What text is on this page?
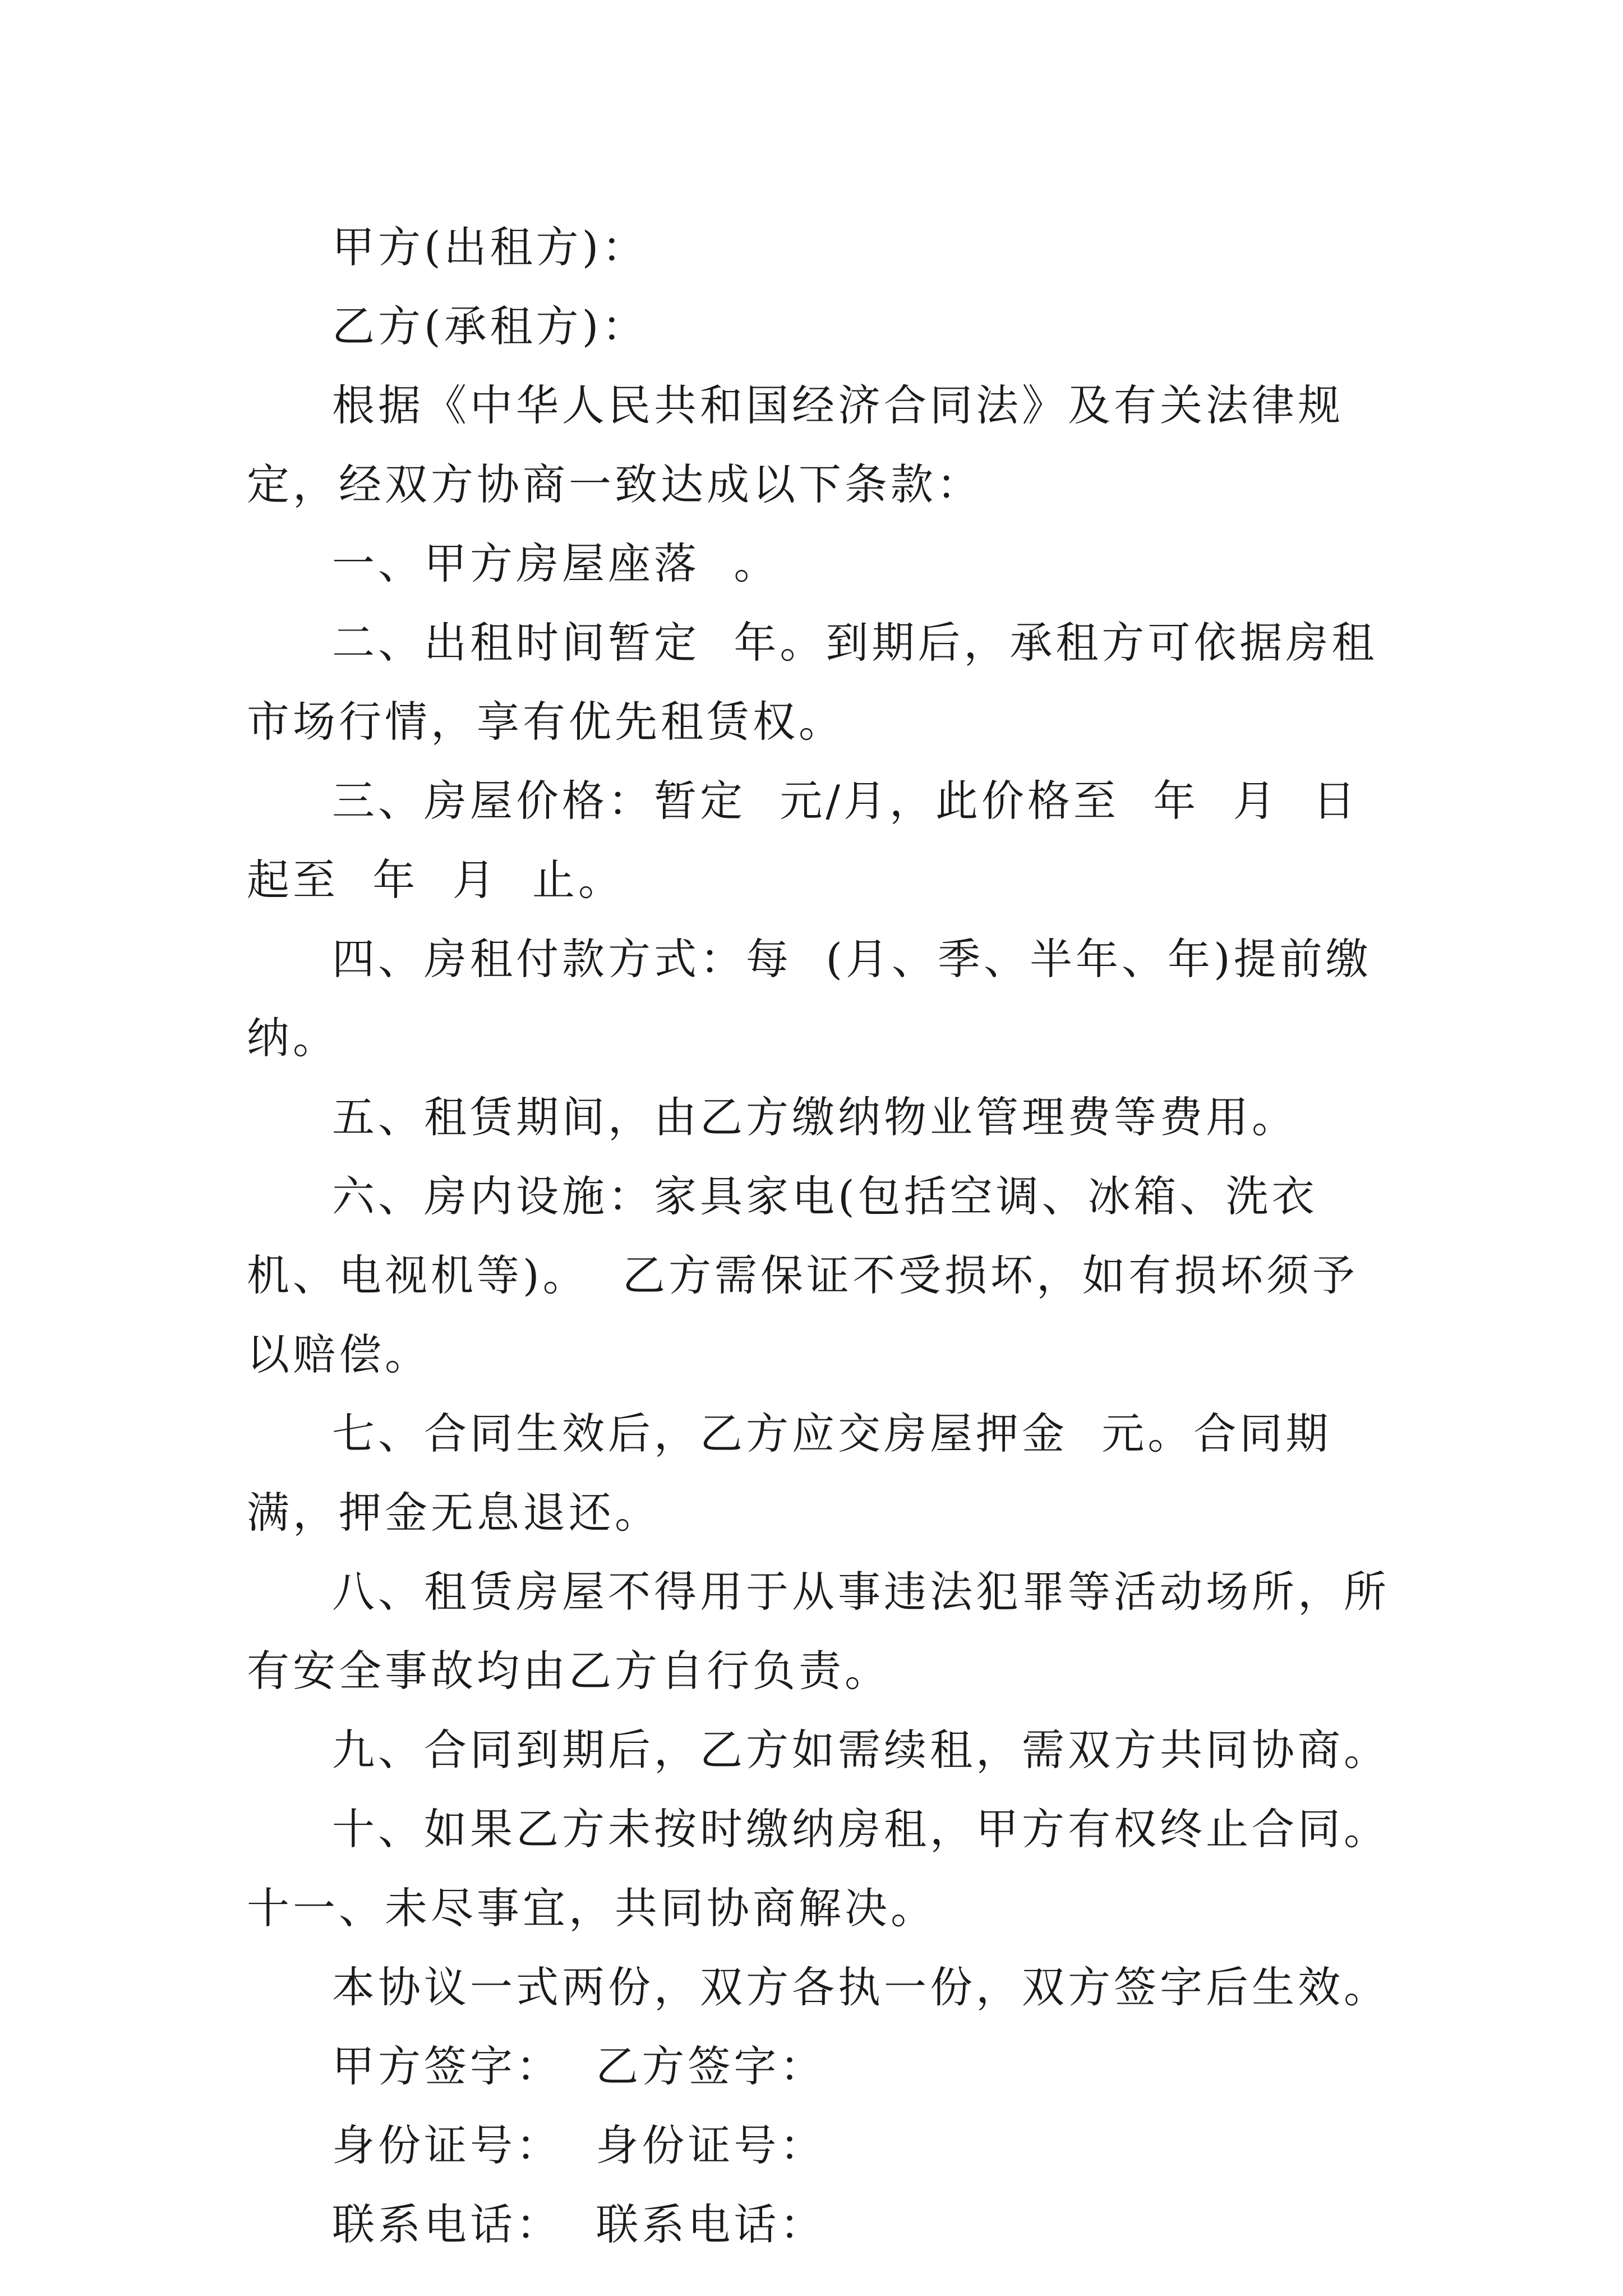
甲方(出租方)：

乙方(承租方)：

根据《中华人民共和国经济合同法》及有关法律规定，经双方协商一致达成以下条款：

一、甲方房屋座落  。

二、出租时间暂定  年。到期后，承租方可依据房租市场行情，享有优先租赁权。

三、房屋价格：暂定  元/月，此价格至  年  月  日起至  年  月  止。

四、房租付款方式：每  (月、季、半年、年)提前缴纳。

五、租赁期间，由乙方缴纳物业管理费等费用。

六、房内设施：家具家电(包括空调、冰箱、洗衣机、电视机等)。  乙方需保证不受损坏，如有损坏须予以赔偿。

七、合同生效后，乙方应交房屋押金  元。合同期满，押金无息退还。

八、租赁房屋不得用于从事违法犯罪等活动场所，所有安全事故均由乙方自行负责。

九、合同到期后，乙方如需续租，需双方共同协商。

十、如果乙方未按时缴纳房租，甲方有权终止合同。

十一、未尽事宜，共同协商解决。

本协议一式两份，双方各执一份，双方签字后生效。

甲方签字：  乙方签字：

身份证号：  身份证号：

联系电话：  联系电话：
